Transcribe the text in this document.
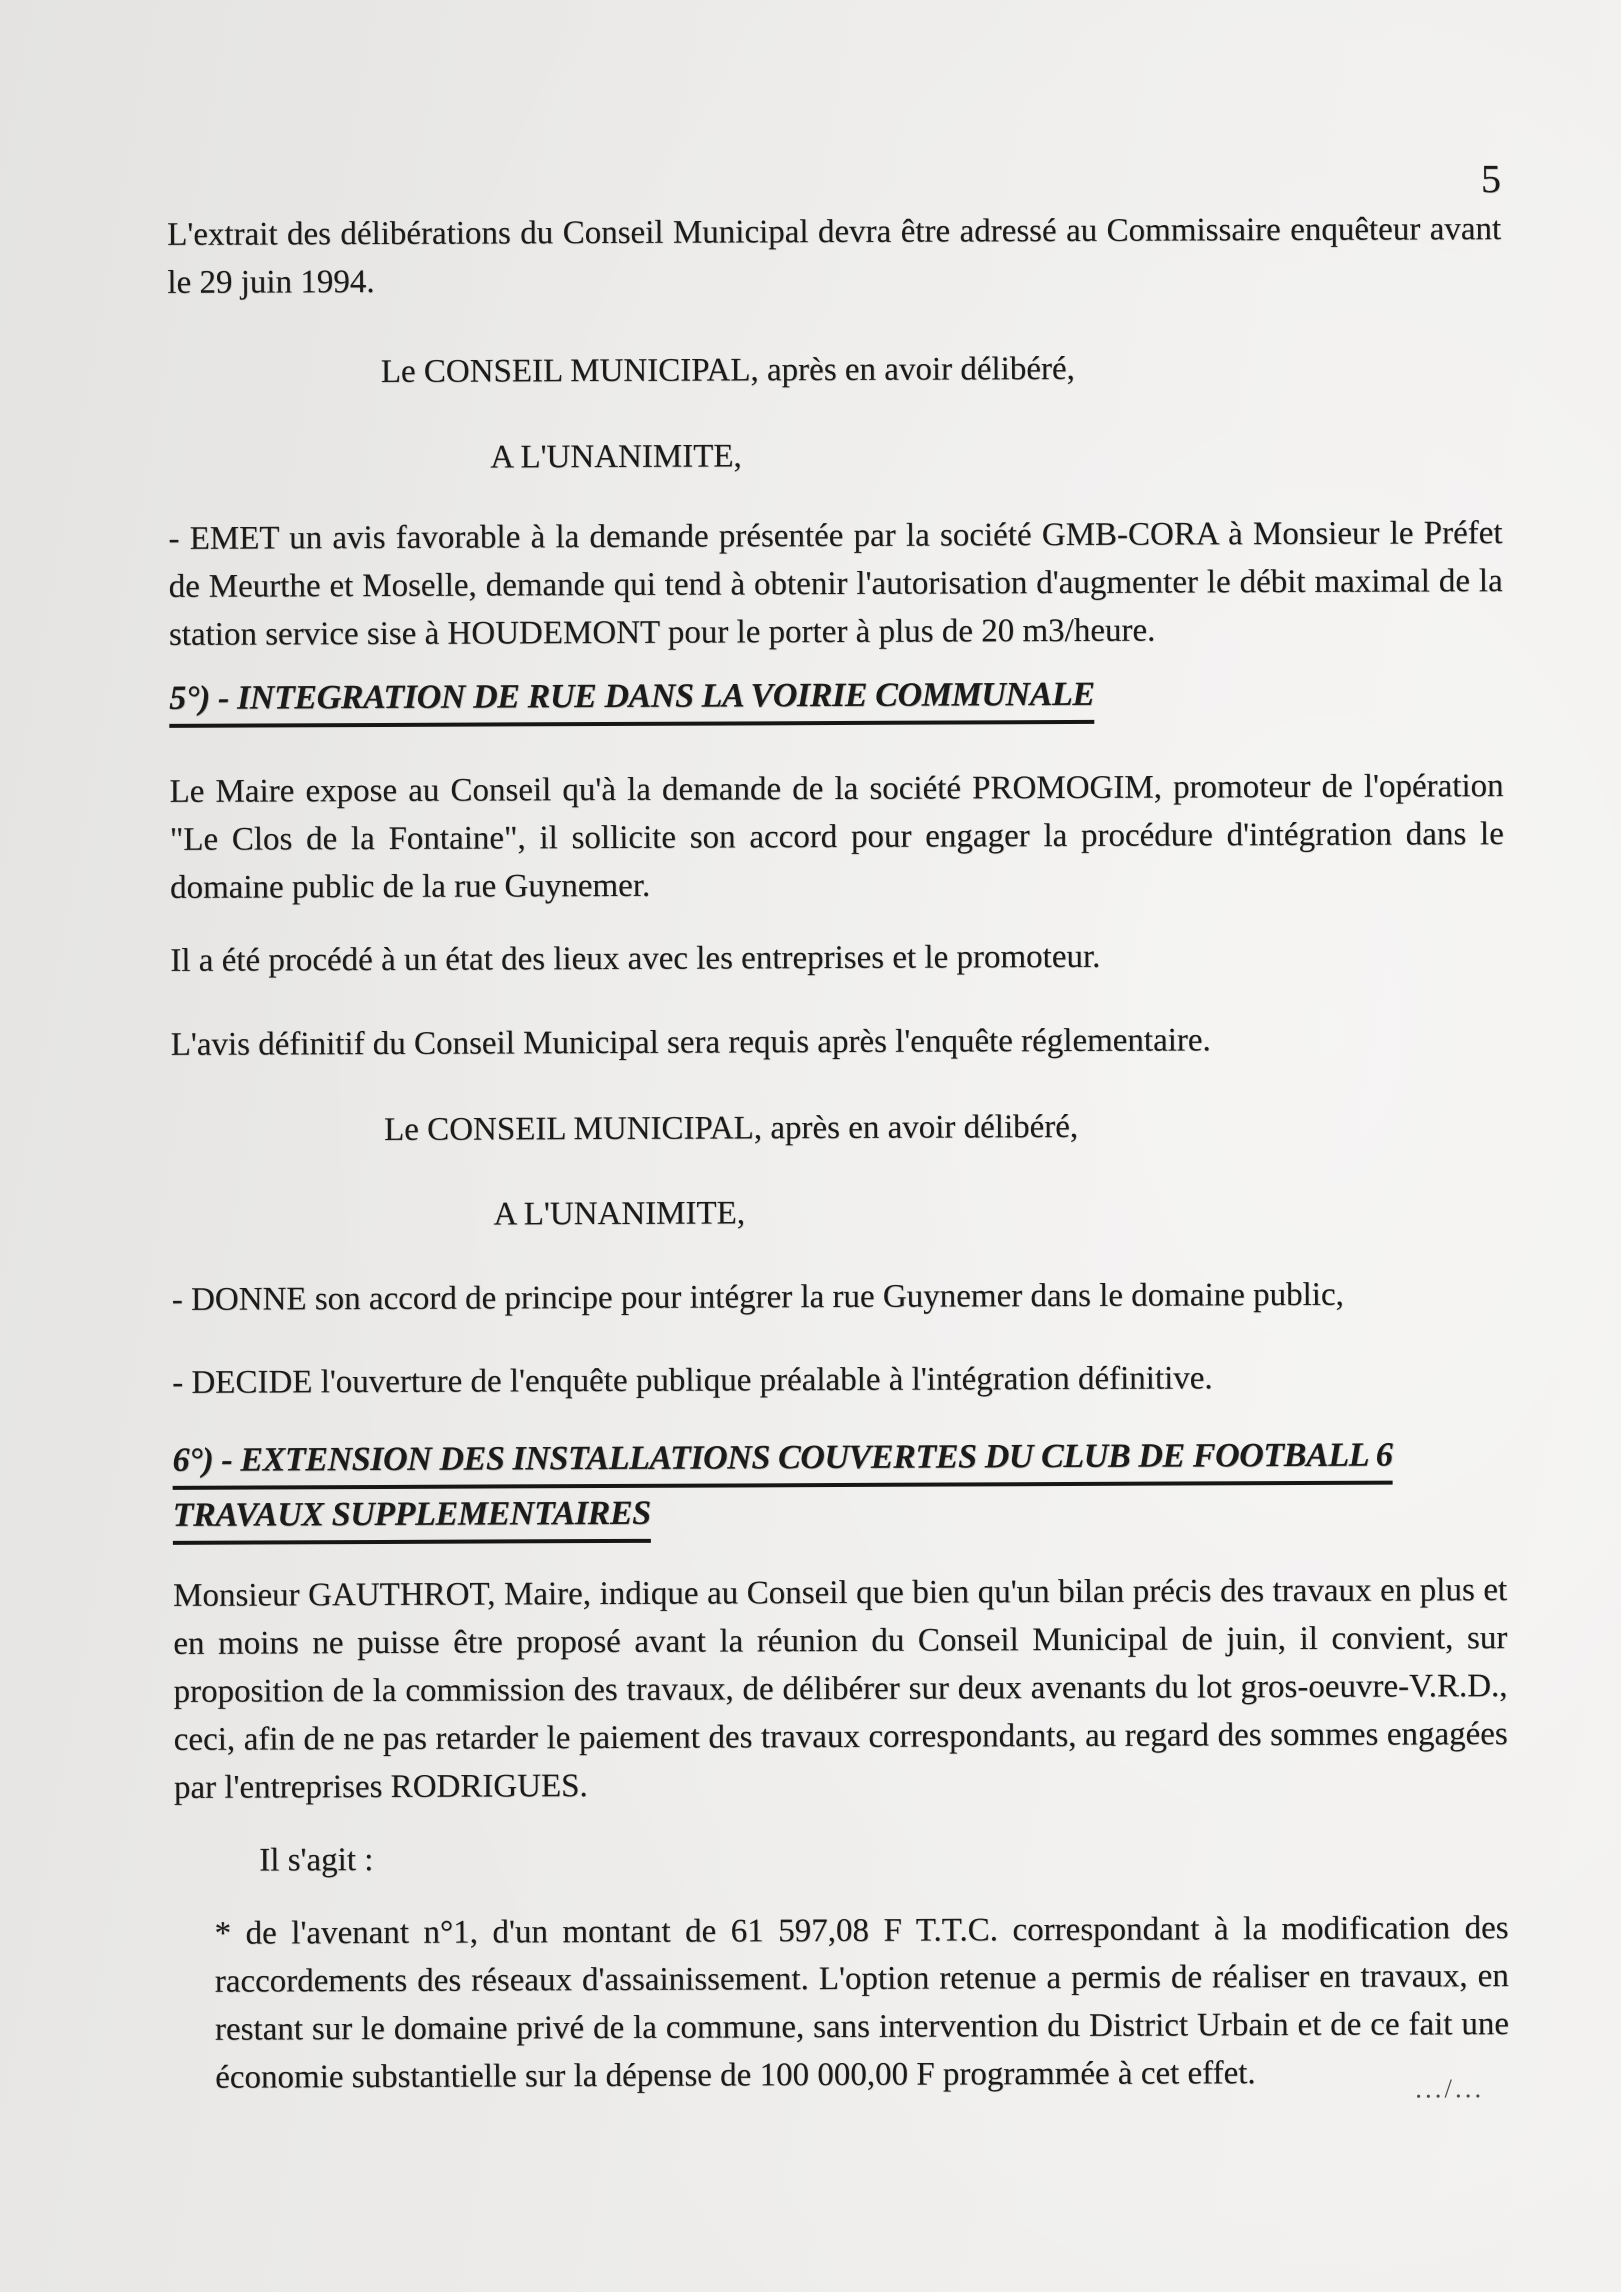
5
L'extrait des délibérations du Conseil Municipal devra être adressé au Commissaire enquêteur avant le 29 juin 1994.
Le CONSEIL MUNICIPAL, après en avoir délibéré,
A L'UNANIMITE,
- EMET un avis favorable à la demande présentée par la société GMB-CORA à Monsieur le Préfet de Meurthe et Moselle, demande qui tend à obtenir l'autorisation d'augmenter le débit maximal de la station service sise à HOUDEMONT pour le porter à plus de 20 m3/heure.
5°) - INTEGRATION DE RUE DANS LA VOIRIE COMMUNALE
Le Maire expose au Conseil qu'à la demande de la société PROMOGIM, promoteur de l'opération "Le Clos de la Fontaine", il sollicite son accord pour engager la procédure d'intégration dans le domaine public de la rue Guynemer.
Il a été procédé à un état des lieux avec les entreprises et le promoteur.
L'avis définitif du Conseil Municipal sera requis après l'enquête réglementaire.
Le CONSEIL MUNICIPAL, après en avoir délibéré,
A L'UNANIMITE,
- DONNE son accord de principe pour intégrer la rue Guynemer dans le domaine public,
- DECIDE l'ouverture de l'enquête publique préalable à l'intégration définitive.
6°) - EXTENSION DES INSTALLATIONS COUVERTES DU CLUB DE FOOTBALL 6
TRAVAUX SUPPLEMENTAIRES
Monsieur GAUTHROT, Maire, indique au Conseil que bien qu'un bilan précis des travaux en plus et en moins ne puisse être proposé avant la réunion du Conseil Municipal de juin, il convient, sur proposition de la commission des travaux, de délibérer sur deux avenants du lot gros-oeuvre-V.R.D., ceci, afin de ne pas retarder le paiement des travaux correspondants, au regard des sommes engagées par l'entreprises RODRIGUES.
Il s'agit :
* de l'avenant n°1, d'un montant de 61 597,08 F T.T.C. correspondant à la modification des raccordements des réseaux d'assainissement. L'option retenue a permis de réaliser en travaux, en restant sur le domaine privé de la commune, sans intervention du District Urbain et de ce fait une économie substantielle sur la dépense de 100 000,00 F programmée à cet effet.	.../...
